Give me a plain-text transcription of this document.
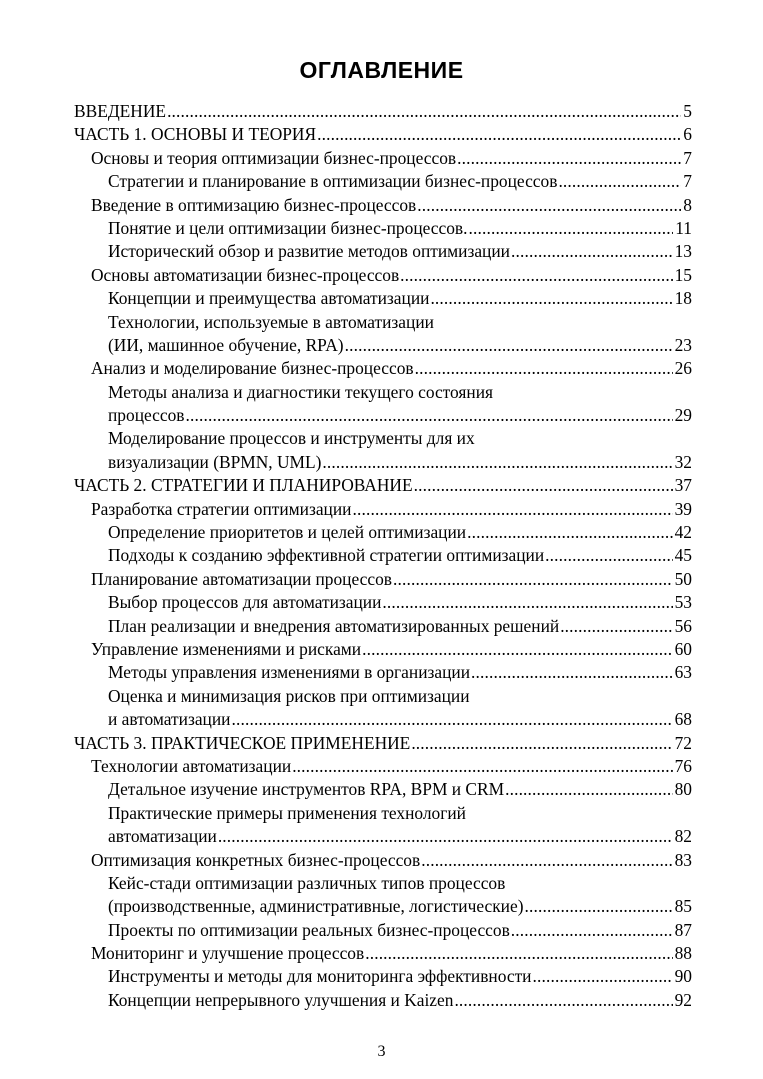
ОГЛАВЛЕНИЕ
ВВЕДЕНИЕ . . .	5
ЧАСТЬ 1. ОСНОВЫ И ТЕОРИЯ . . .	6
Основы и теория оптимизации бизнес-процессов . . .	7
Стратегии и планирование в оптимизации бизнес-процессов . . .	7
Введение в оптимизацию бизнес-процессов . . .	8
Понятие и цели оптимизации бизнес-процессов. . . .	11
Исторический обзор и развитие методов оптимизации . . .	13
Основы автоматизации бизнес-процессов . . .	15
Концепции и преимущества автоматизации . . .	18
Технологии, используемые в автоматизации
(ИИ, машинное обучение, RPA) . . .	23
Анализ и моделирование бизнес-процессов . . .	26
Методы анализа и диагностики текущего состояния
процессов . . .	29
Моделирование процессов и инструменты для их
визуализации (BPMN, UML) . . .	32
ЧАСТЬ 2. СТРАТЕГИИ И ПЛАНИРОВАНИЕ . . .	37
Разработка стратегии оптимизации . . .	39
Определение приоритетов и целей оптимизации . . .	42
Подходы к созданию эффективной стратегии оптимизации . . .	45
Планирование автоматизации процессов . . .	50
Выбор процессов для автоматизации . . .	53
План реализации и внедрения автоматизированных решений . . .	56
Управление изменениями и рисками . . .	60
Методы управления изменениями в организации . . .	63
Оценка и минимизация рисков при оптимизации
и автоматизации . . .	68
ЧАСТЬ 3. ПРАКТИЧЕСКОЕ ПРИМЕНЕНИЕ . . .	72
Технологии автоматизации . . .	76
Детальное изучение инструментов RPA, BPM и CRM . . .	80
Практические примеры применения технологий
автоматизации . . .	82
Оптимизация конкретных бизнес-процессов . . .	83
Кейс-стади оптимизации различных типов процессов
(производственные, административные, логистические) . . .	85
Проекты по оптимизации реальных бизнес-процессов . . .	87
Мониторинг и улучшение процессов . . .	88
Инструменты и методы для мониторинга эффективности . . .	90
Концепции непрерывного улучшения и Kaizen . . .	92
3
